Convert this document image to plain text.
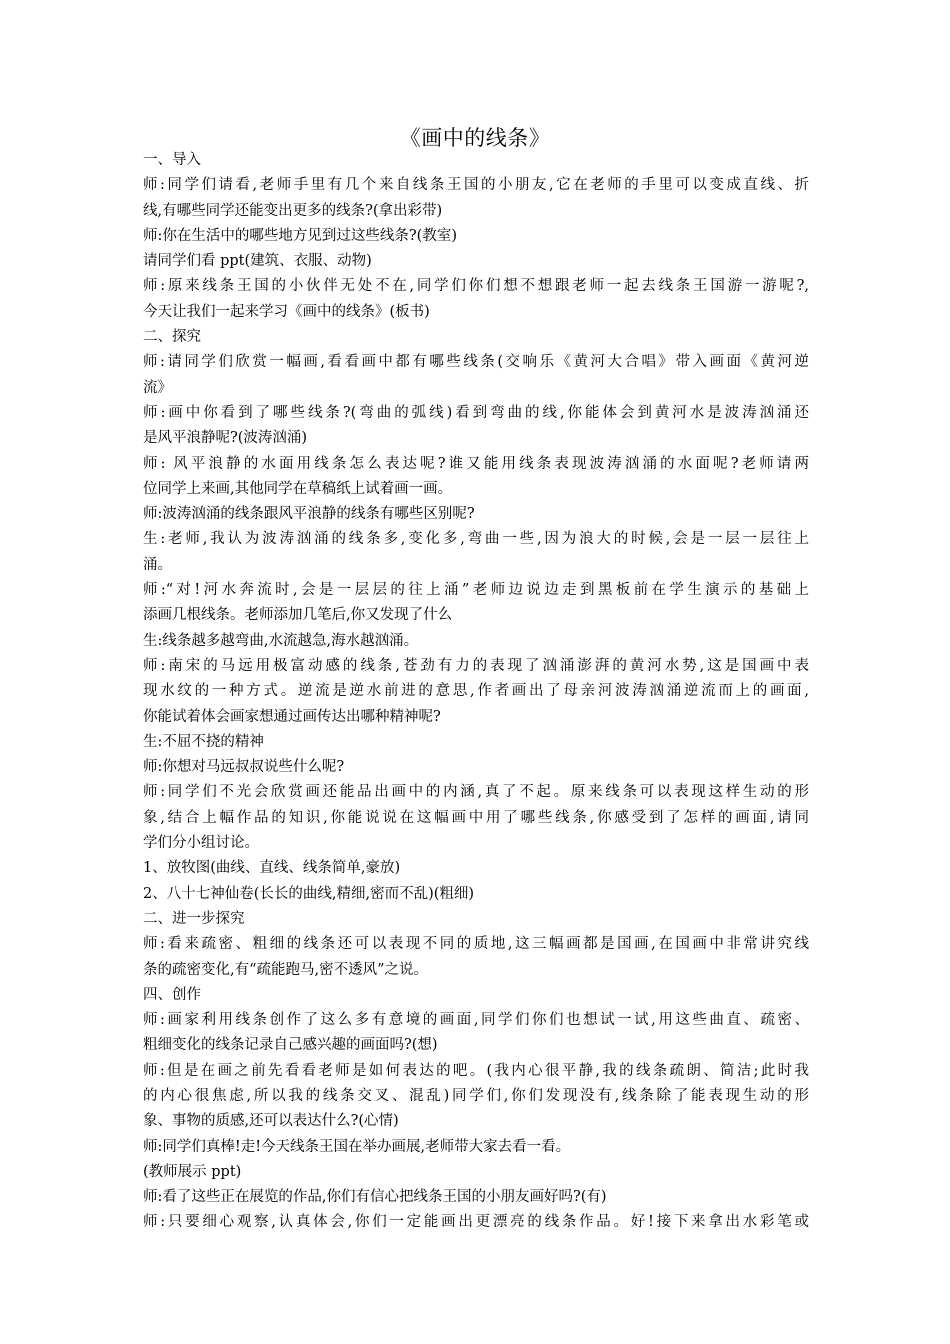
《画中的线条》
一、导入
师:同学们请看,老师手里有几个来自线条王国的小朋友,它在老师的手里可以变成直线、折
线,有哪些同学还能变出更多的线条?(拿出彩带)
师:你在生活中的哪些地方见到过这些线条?(教室)
请同学们看 ppt(建筑、衣服、动物)
师:原来线条王国的小伙伴无处不在,同学们你们想不想跟老师一起去线条王国游一游呢?,
今天让我们一起来学习《画中的线条》(板书)
二、探究
师:请同学们欣赏一幅画,看看画中都有哪些线条(交响乐《黄河大合唱》带入画面《黄河逆
流》
师:画中你看到了哪些线条?(弯曲的弧线)看到弯曲的线,你能体会到黄河水是波涛汹涌还
是风平浪静呢?(波涛汹涌)
师: 风平浪静的水面用线条怎么表达呢?谁又能用线条表现波涛汹涌的水面呢?老师请两
位同学上来画,其他同学在草稿纸上试着画一画。
师:波涛汹涌的线条跟风平浪静的线条有哪些区别呢?
生:老师,我认为波涛汹涌的线条多,变化多,弯曲一些,因为浪大的时候,会是一层一层往上
涌。
师:“对!河水奔流时,会是一层层的往上涌”老师边说边走到黑板前在学生演示的基础上
添画几根线条。老师添加几笔后,你又发现了什么
生:线条越多越弯曲,水流越急,海水越汹涌。
师:南宋的马远用极富动感的线条,苍劲有力的表现了汹涌澎湃的黄河水势,这是国画中表
现水纹的一种方式。逆流是逆水前进的意思,作者画出了母亲河波涛汹涌逆流而上的画面,
你能试着体会画家想通过画传达出哪种精神呢?
生:不屈不挠的精神
师:你想对马远叔叔说些什么呢?
师:同学们不光会欣赏画还能品出画中的内涵,真了不起。原来线条可以表现这样生动的形
象,结合上幅作品的知识,你能说说在这幅画中用了哪些线条,你感受到了怎样的画面,请同
学们分小组讨论。
1、放牧图(曲线、直线、线条简单,豪放)
2、八十七神仙卷(长长的曲线,精细,密而不乱)(粗细)
二、进一步探究
师:看来疏密、粗细的线条还可以表现不同的质地,这三幅画都是国画,在国画中非常讲究线
条的疏密变化,有“疏能跑马,密不透风”之说。
四、创作
师:画家利用线条创作了这么多有意境的画面,同学们你们也想试一试,用这些曲直、疏密、
粗细变化的线条记录自己感兴趣的画面吗?(想)
师:但是在画之前先看看老师是如何表达的吧。(我内心很平静,我的线条疏朗、简洁;此时我
的内心很焦虑,所以我的线条交叉、混乱)同学们,你们发现没有,线条除了能表现生动的形
象、事物的质感,还可以表达什么?(心情)
师:同学们真棒!走!今天线条王国在举办画展,老师带大家去看一看。
(教师展示 ppt)
师:看了这些正在展览的作品,你们有信心把线条王国的小朋友画好吗?(有)
师:只要细心观察,认真体会,你们一定能画出更漂亮的线条作品。好!接下来拿出水彩笔或
